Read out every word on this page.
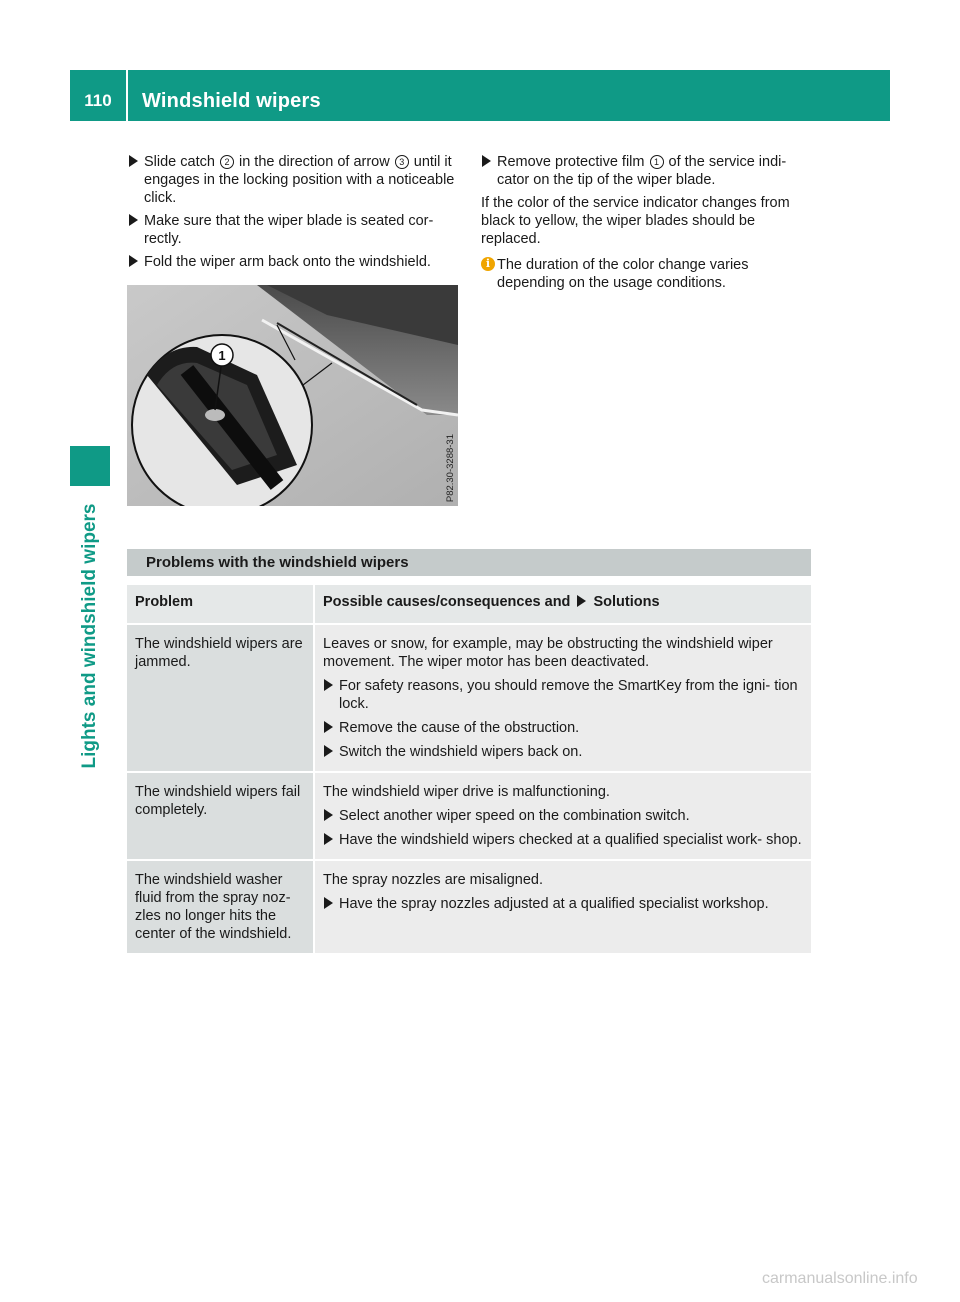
110	Windshield wipers
Lights and windshield wipers
Slide catch 2 in the direction of arrow 3 until it engages in the locking position with a noticeable click.
Make sure that the wiper blade is seated cor- rectly.
Fold the wiper arm back onto the windshield.
1
P82.30-3288-31
Remove protective film 1 of the service indi- cator on the tip of the wiper blade.
If the color of the service indicator changes from black to yellow, the wiper blades should be replaced.
i The duration of the color change varies depending on the usage conditions.
Problems with the windshield wipers
Problem	Possible causes/consequences and  Solutions
The windshield wipers are jammed.	Leaves or snow, for example, may be obstructing the windshield wiper movement. The wiper motor has been deactivated.
For safety reasons, you should remove the SmartKey from the igni- tion lock.
Remove the cause of the obstruction.
Switch the windshield wipers back on.

The windshield wipers fail completely.	The windshield wiper drive is malfunctioning.
Select another wiper speed on the combination switch.
Have the windshield wipers checked at a qualified specialist work- shop.

The windshield washer fluid from the spray noz- zles no longer hits the center of the windshield.	The spray nozzles are misaligned.
Have the spray nozzles adjusted at a qualified specialist workshop.
carmanualsonline.info
